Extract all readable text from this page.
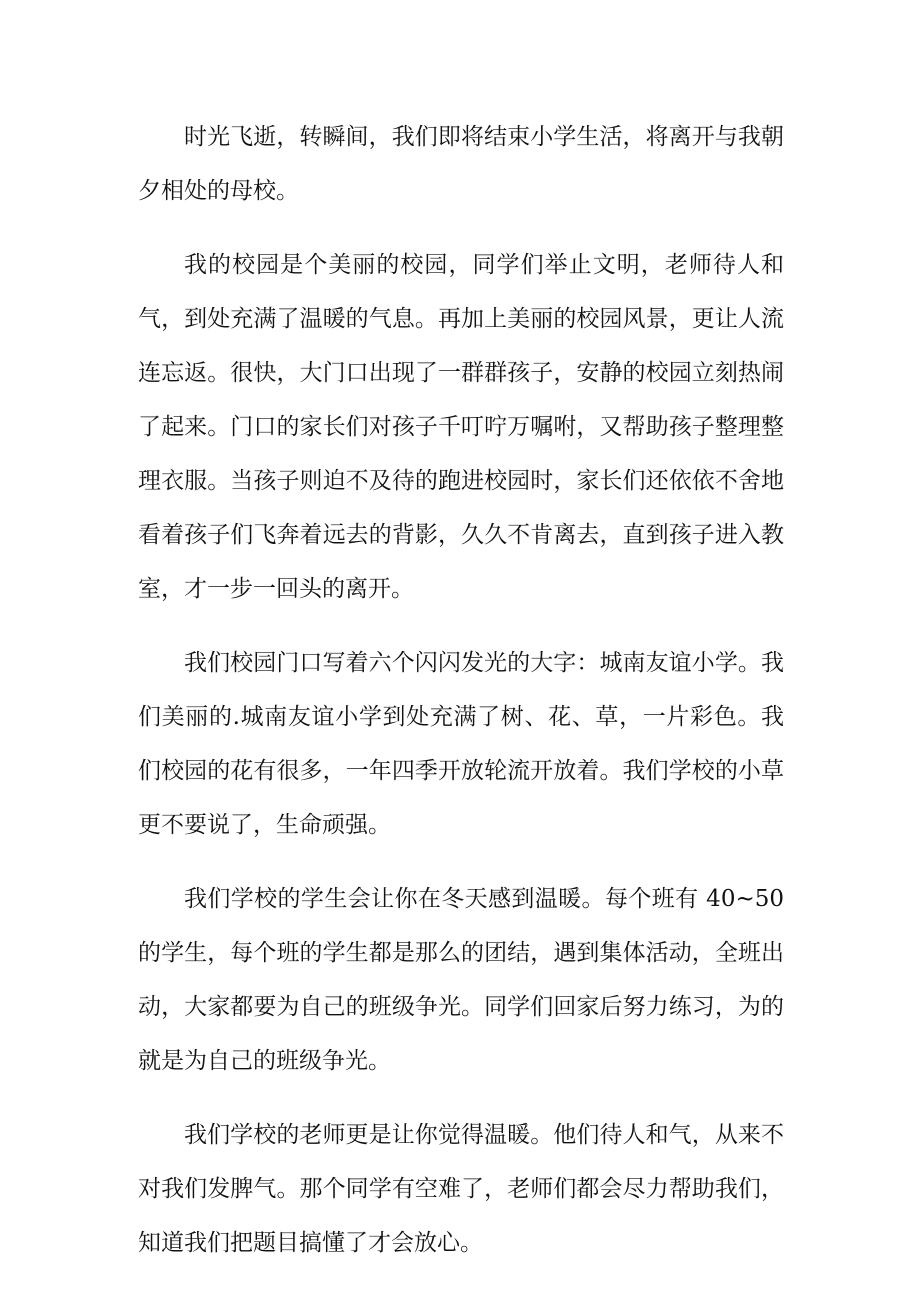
时光飞逝，转瞬间，我们即将结束小学生活，将离开与我朝夕相处的母校。

我的校园是个美丽的校园，同学们举止文明，老师待人和气，到处充满了温暖的气息。再加上美丽的校园风景，更让人流连忘返。很快，大门口出现了一群群孩子，安静的校园立刻热闹了起来。门口的家长们对孩子千叮咛万嘱咐，又帮助孩子整理整理衣服。当孩子则迫不及待的跑进校园时，家长们还依依不舍地看着孩子们飞奔着远去的背影，久久不肯离去，直到孩子进入教室，才一步一回头的离开。

我们校园门口写着六个闪闪发光的大字：城南友谊小学。我们美丽的.城南友谊小学到处充满了树、花、草，一片彩色。我们校园的花有很多，一年四季开放轮流开放着。我们学校的小草更不要说了，生命顽强。

我们学校的学生会让你在冬天感到温暖。每个班有 40~50 的学生，每个班的学生都是那么的团结，遇到集体活动，全班出动，大家都要为自己的班级争光。同学们回家后努力练习，为的就是为自己的班级争光。

我们学校的老师更是让你觉得温暖。他们待人和气，从来不对我们发脾气。那个同学有空难了，老师们都会尽力帮助我们，知道我们把题目搞懂了才会放心。
